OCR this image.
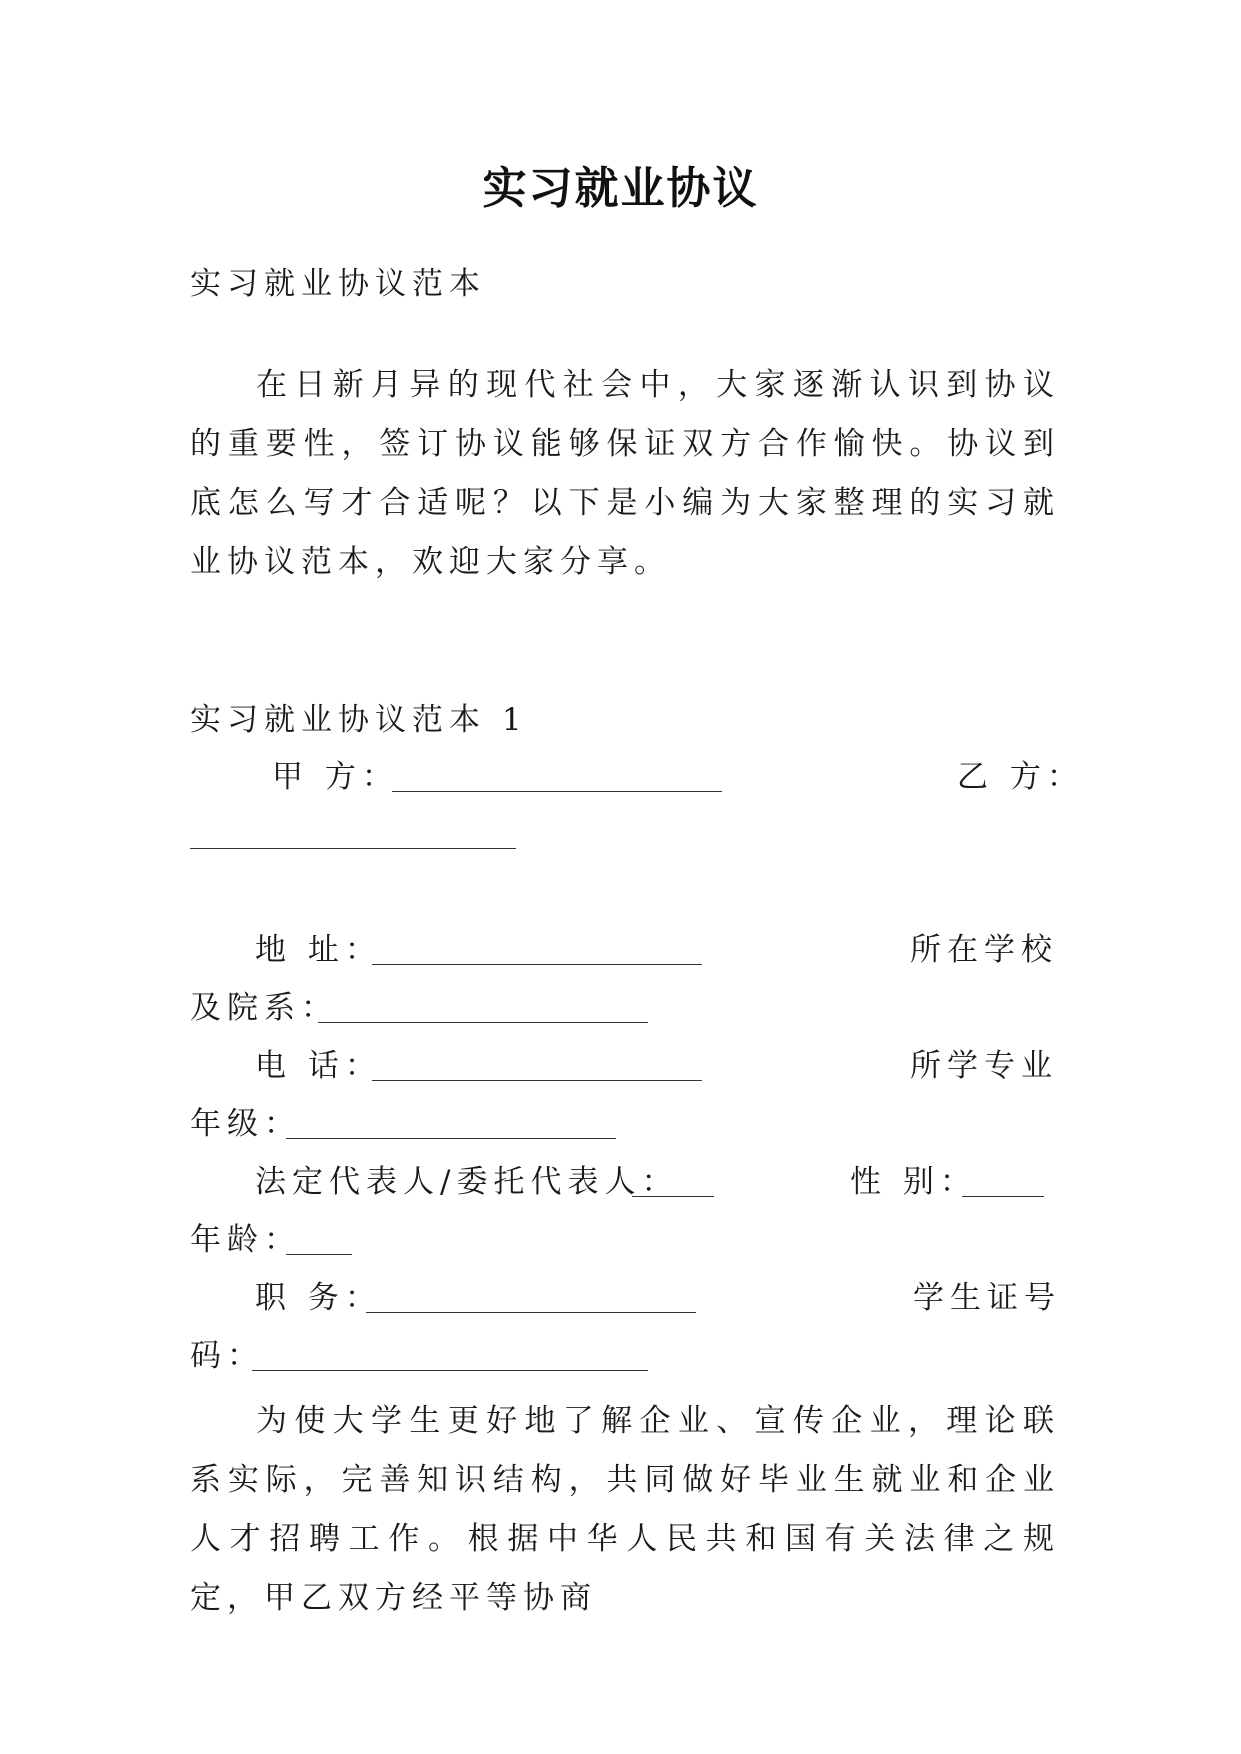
实习就业协议
实习就业协议范本
在日新月异的现代社会中，大家逐渐认识到协议的重要性，签订协议能够保证双方合作愉快。协议到底怎么写才合适呢？以下是小编为大家整理的实习就业协议范本，欢迎大家分享。
实习就业协议范本 1
甲 方：	乙 方：
地 址：	所在学校
及院系：
电 话：	所学专业
年级：
法定代表人/委托代表人：	性 别：
年龄：
职 务：	学生证号
码：
为使大学生更好地了解企业、宣传企业，理论联系实际，完善知识结构，共同做好毕业生就业和企业人才招聘工作。根据中华人民共和国有关法律之规定，甲乙双方经平等协商
